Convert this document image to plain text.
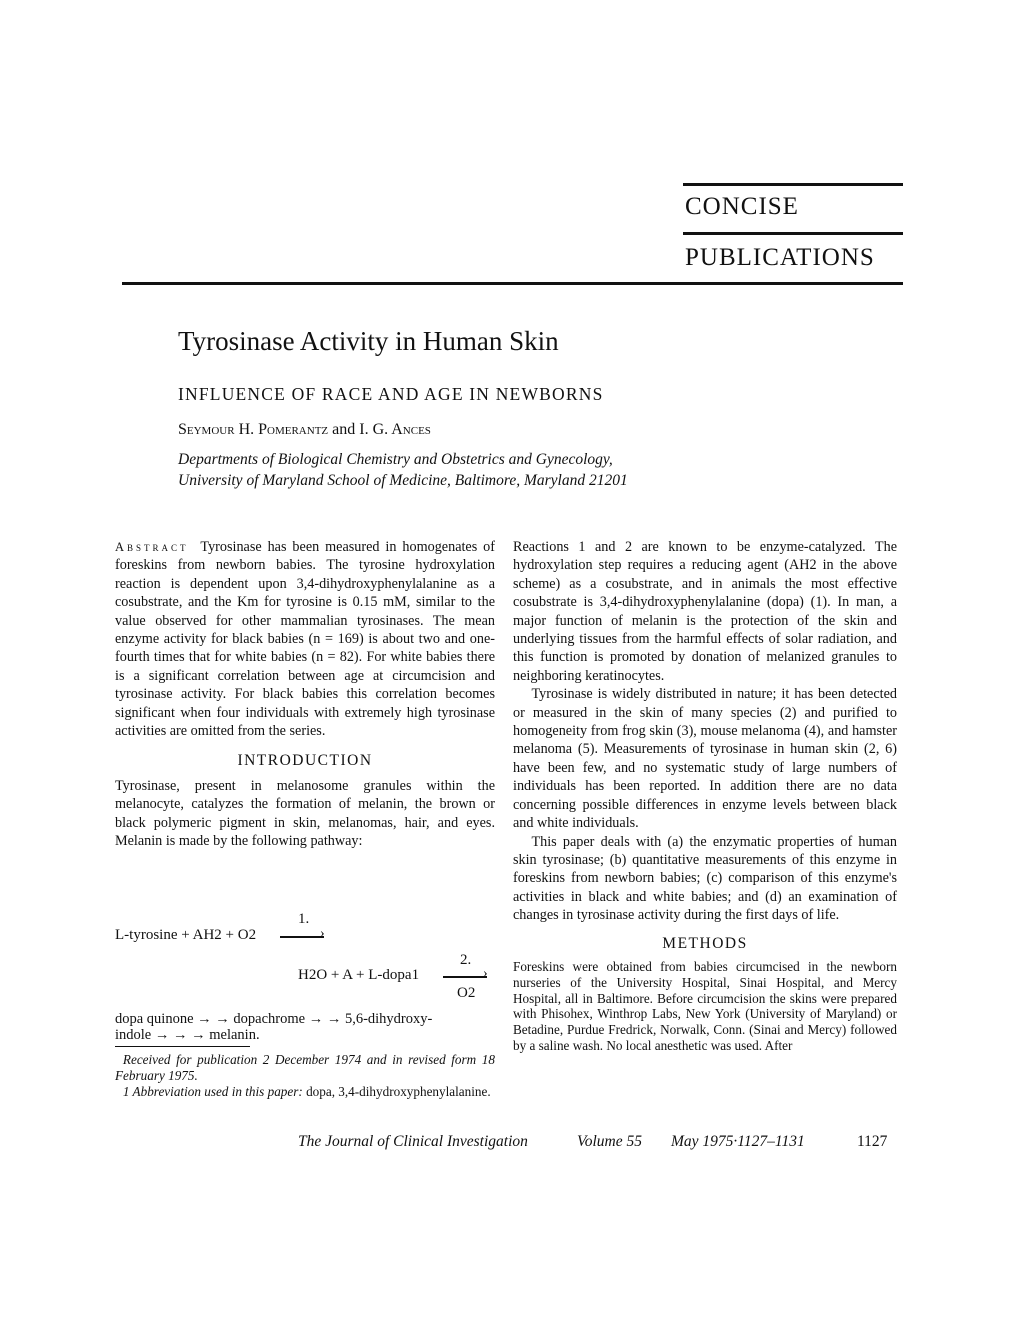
CONCISE
PUBLICATIONS
Tyrosinase Activity in Human Skin
INFLUENCE OF RACE AND AGE IN NEWBORNS
Seymour H. Pomerantz and I. G. Ances
Departments of Biological Chemistry and Obstetrics and Gynecology,
University of Maryland School of Medicine, Baltimore, Maryland 21201

Abstract Tyrosinase has been measured in homogenates of foreskins from newborn babies. The tyrosine hydroxylation reaction is dependent upon 3,4-dihydroxyphenylalanine as a cosubstrate, and the Km for tyrosine is 0.15 mM, similar to the value observed for other mammalian tyrosinases. The mean enzyme activity for black babies (n = 169) is about two and one-fourth times that for white babies (n = 82). For white babies there is a significant correlation between age at circumcision and tyrosinase activity. For black babies this correlation becomes significant when four individuals with extremely high tyrosinase activities are omitted from the series.

INTRODUCTION

Tyrosinase, present in melanosome granules within the melanocyte, catalyzes the formation of melanin, the brown or black polymeric pigment in skin, melanomas, hair, and eyes. Melanin is made by the following pathway:

1.
L-tyrosine + AH2 + O2	›
2.
H2O + A + L-dopa1	›
O2
dopa quinone → → dopachrome → → 5,6-dihydroxy-
indole → → → melanin.

Received for publication 2 December 1974 and in revised form 18 February 1975.

1 Abbreviation used in this paper: dopa, 3,4-dihydroxyphenylalanine.

Reactions 1 and 2 are known to be enzyme-catalyzed. The hydroxylation step requires a reducing agent (AH2 in the above scheme) as a cosubstrate, and in animals the most effective cosubstrate is 3,4-dihydroxyphenylalanine (dopa) (1). In man, a major function of melanin is the protection of the skin and underlying tissues from the harmful effects of solar radiation, and this function is promoted by donation of melanized granules to neighboring keratinocytes.

Tyrosinase is widely distributed in nature; it has been detected or measured in the skin of many species (2) and purified to homogeneity from frog skin (3), mouse melanoma (4), and hamster melanoma (5). Measurements of tyrosinase in human skin (2, 6) have been few, and no systematic study of large numbers of individuals has been reported. In addition there are no data concerning possible differences in enzyme levels between black and white individuals.

This paper deals with (a) the enzymatic properties of human skin tyrosinase; (b) quantitative measurements of this enzyme in foreskins from newborn babies; (c) comparison of this enzyme's activities in black and white babies; and (d) an examination of changes in tyrosinase activity during the first days of life.

METHODS

Foreskins were obtained from babies circumcised in the newborn nurseries of the University Hospital, Sinai Hospital, and Mercy Hospital, all in Baltimore. Before circumcision the skins were prepared with Phisohex, Winthrop Labs, New York (University of Maryland) or Betadine, Purdue Fredrick, Norwalk, Conn. (Sinai and Mercy) followed by a saline wash. No local anesthetic was used. After

The Journal of Clinical Investigation	Volume 55 May 1975·1127–1131	1127
